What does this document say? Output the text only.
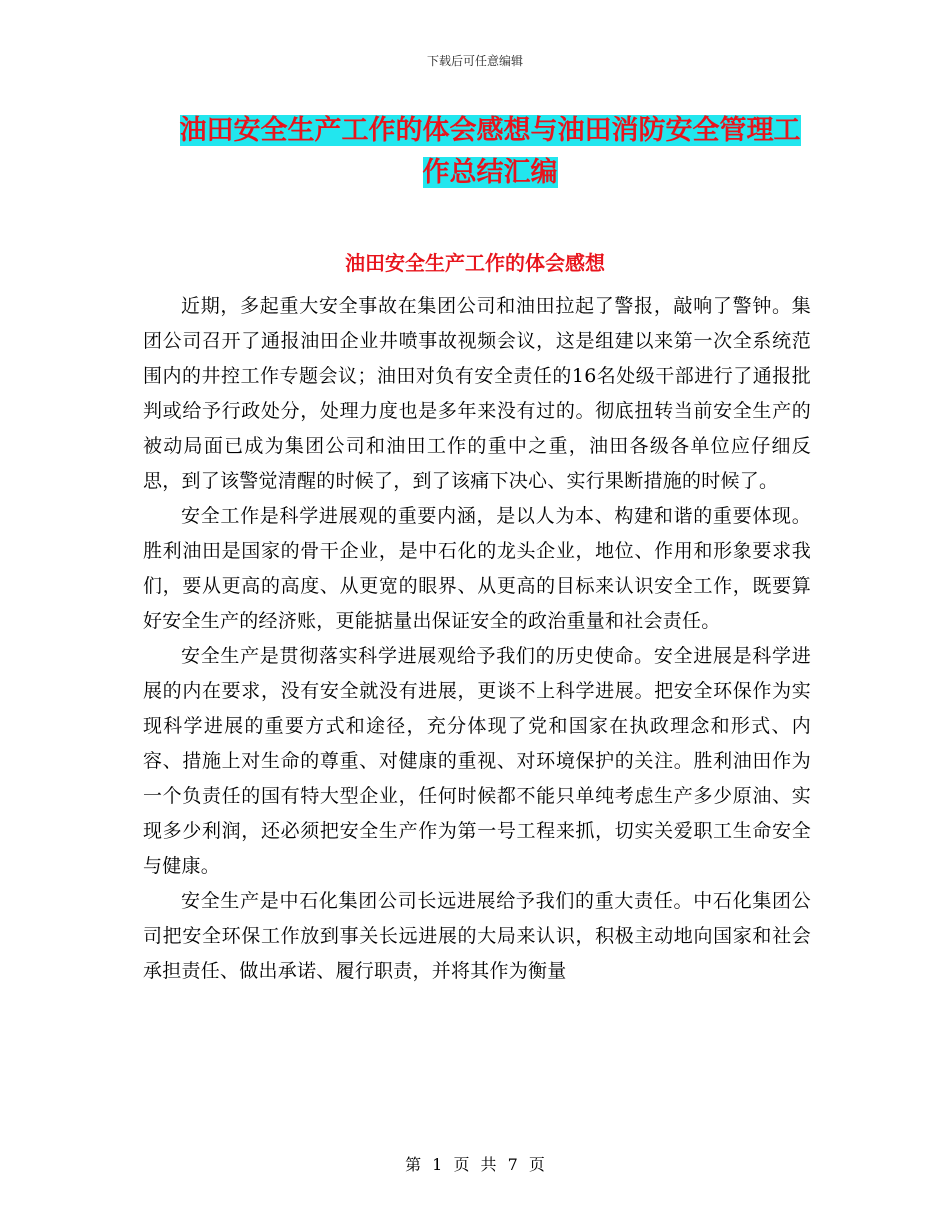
下载后可任意编辑
油田安全生产工作的体会感想与油田消防安全管理工
作总结汇编
油田安全生产工作的体会感想

近期，多起重大安全事故在集团公司和油田拉起了警报，敲响了警钟。集团公司召开了通报油田企业井喷事故视频会议，这是组建以来第一次全系统范围内的井控工作专题会议；油田对负有安全责任的16名处级干部进行了通报批判或给予行政处分，处理力度也是多年来没有过的。彻底扭转当前安全生产的被动局面已成为集团公司和油田工作的重中之重，油田各级各单位应仔细反思，到了该警觉清醒的时候了，到了该痛下决心、实行果断措施的时候了。

安全工作是科学进展观的重要内涵，是以人为本、构建和谐的重要体现。胜利油田是国家的骨干企业，是中石化的龙头企业，地位、作用和形象要求我们，要从更高的高度、从更宽的眼界、从更高的目标来认识安全工作，既要算好安全生产的经济账，更能掂量出保证安全的政治重量和社会责任。

安全生产是贯彻落实科学进展观给予我们的历史使命。安全进展是科学进展的内在要求，没有安全就没有进展，更谈不上科学进展。把安全环保作为实现科学进展的重要方式和途径，充分体现了党和国家在执政理念和形式、内容、措施上对生命的尊重、对健康的重视、对环境保护的关注。胜利油田作为一个负责任的国有特大型企业，任何时候都不能只单纯考虑生产多少原油、实现多少利润，还必须把安全生产作为第一号工程来抓，切实关爱职工生命安全与健康。

安全生产是中石化集团公司长远进展给予我们的重大责任。中石化集团公司把安全环保工作放到事关长远进展的大局来认识，积极主动地向国家和社会承担责任、做出承诺、履行职责，并将其作为衡量

第 1 页 共 7 页
